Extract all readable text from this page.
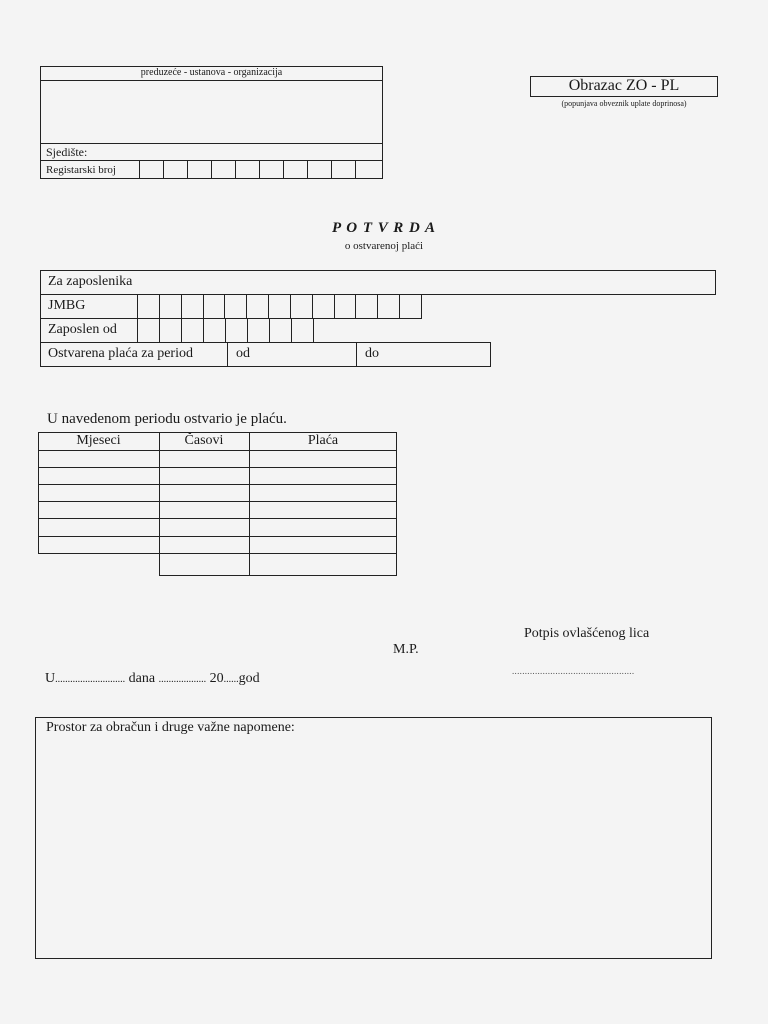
preduzeće - ustanova - organizacija
Sjedište:
Registarski broj
Obrazac ZO - PL
(popunjava obveznik uplate doprinosa)
P O T V R D A
o ostvarenoj plaći
Za zaposlenika
JMBG
Zaposlen od
Ostvarena plaća za period	od	do
U navedenom periodu ostvario je plaću.
Mjeseci	Časovi	Plaća
Potpis ovlašćenog lica
M.P.
................................................
U............................ dana ................... 20......god
Prostor za obračun i druge važne napomene:
